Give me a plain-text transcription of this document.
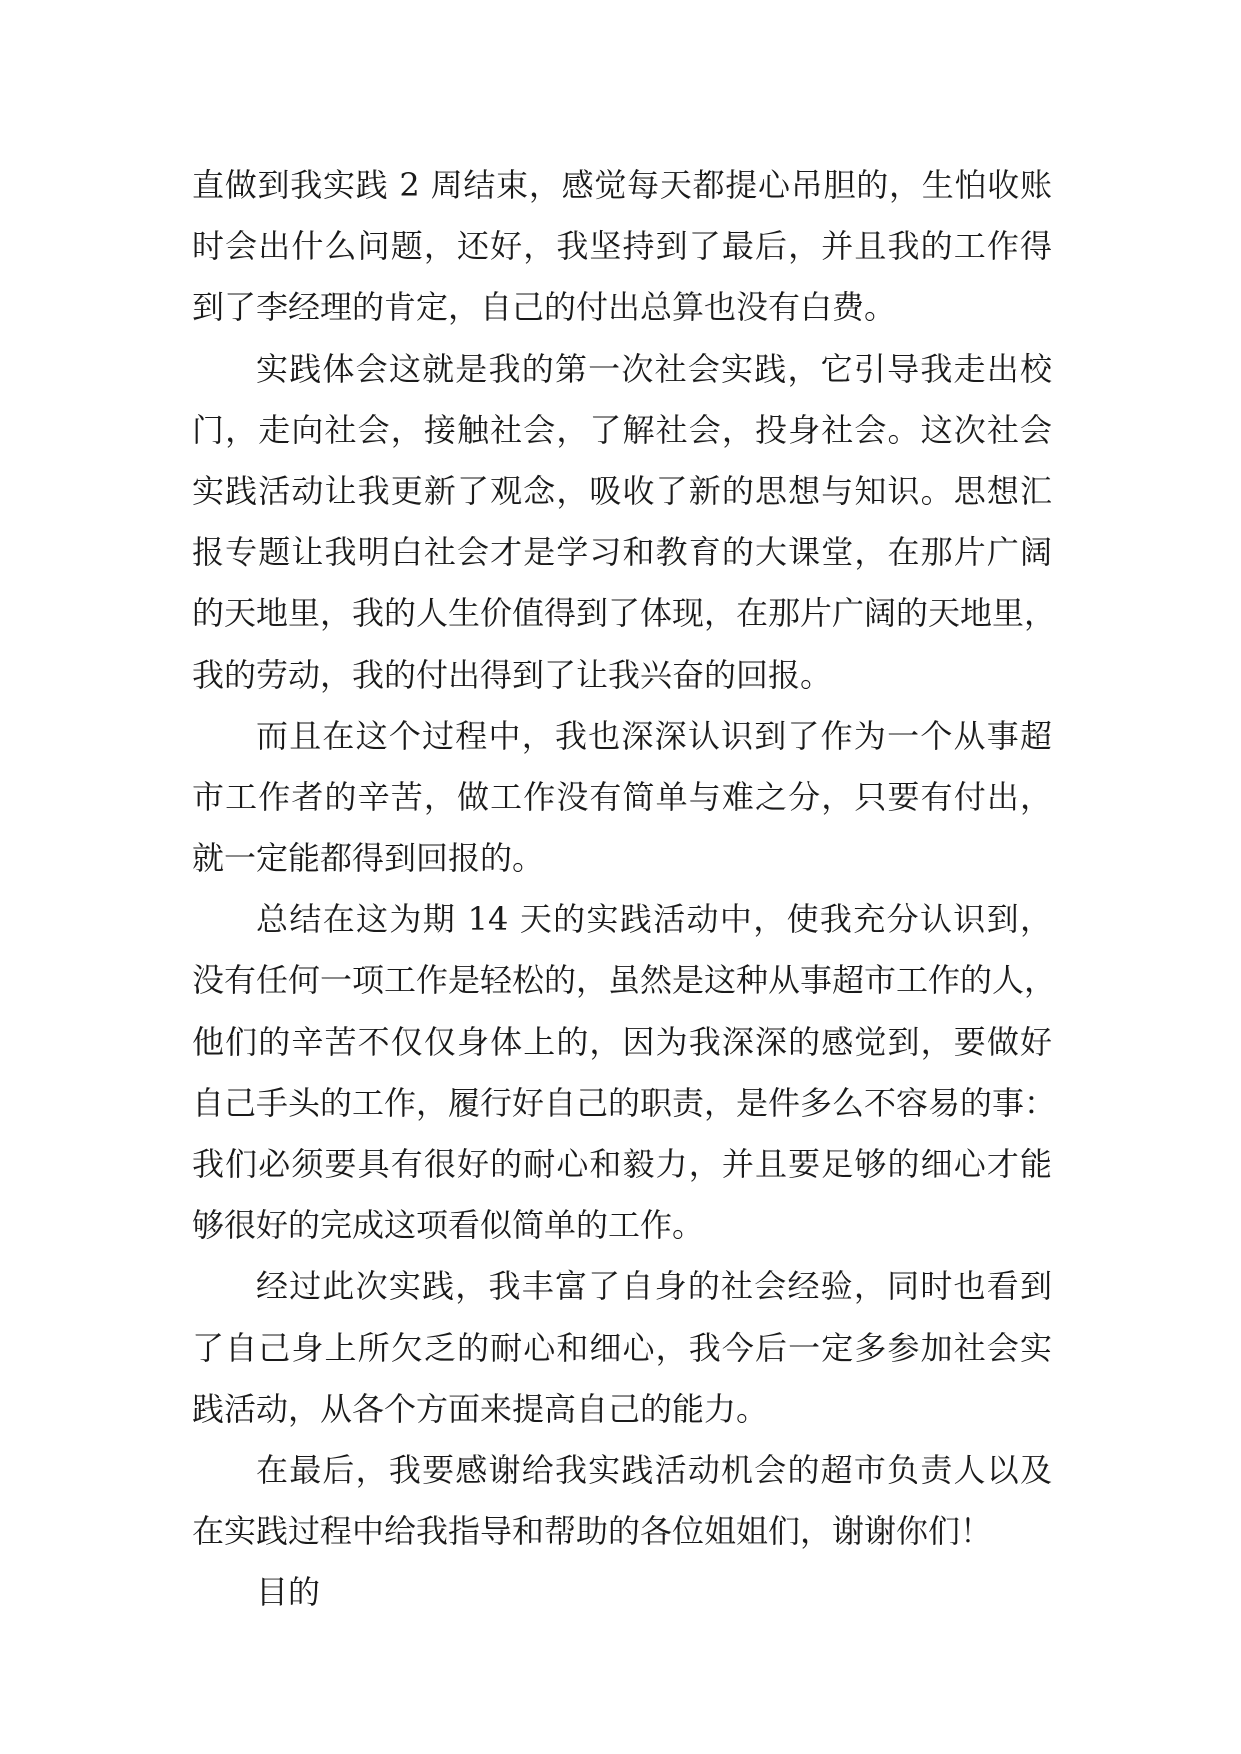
直做到我实践 2 周结束，感觉每天都提心吊胆的，生怕收账
时会出什么问题，还好，我坚持到了最后，并且我的工作得
到了李经理的肯定，自己的付出总算也没有白费。
实践体会这就是我的第一次社会实践，它引导我走出校
门，走向社会，接触社会，了解社会，投身社会。这次社会
实践活动让我更新了观念，吸收了新的思想与知识。思想汇
报专题让我明白社会才是学习和教育的大课堂，在那片广阔
的天地里，我的人生价值得到了体现，在那片广阔的天地里，
我的劳动，我的付出得到了让我兴奋的回报。
而且在这个过程中，我也深深认识到了作为一个从事超
市工作者的辛苦，做工作没有简单与难之分，只要有付出，
就一定能都得到回报的。
总结在这为期 14 天的实践活动中，使我充分认识到，
没有任何一项工作是轻松的，虽然是这种从事超市工作的人，
他们的辛苦不仅仅身体上的，因为我深深的感觉到，要做好
自己手头的工作，履行好自己的职责，是件多么不容易的事：
我们必须要具有很好的耐心和毅力，并且要足够的细心才能
够很好的完成这项看似简单的工作。
经过此次实践，我丰富了自身的社会经验，同时也看到
了自己身上所欠乏的耐心和细心，我今后一定多参加社会实
践活动，从各个方面来提高自己的能力。
在最后，我要感谢给我实践活动机会的超市负责人以及
在实践过程中给我指导和帮助的各位姐姐们，谢谢你们！
目的
